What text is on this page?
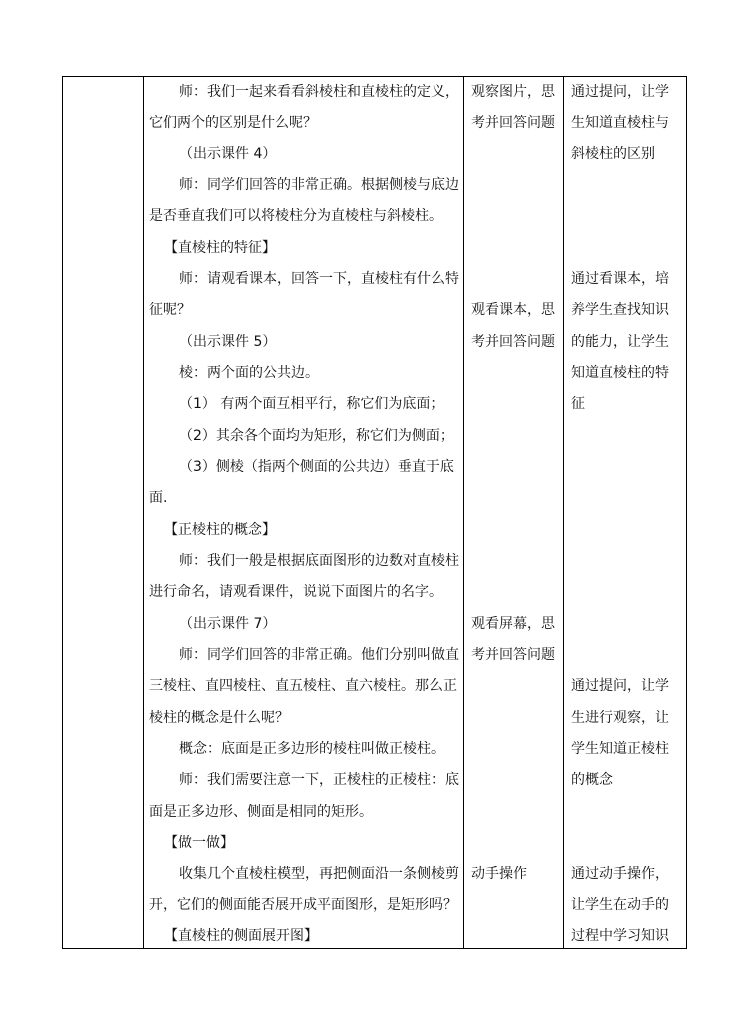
师：我们一起来看看斜棱柱和直棱柱的定义，
它们两个的区别是什么呢？
（出示课件 4）
师：同学们回答的非常正确。根据侧棱与底边
是否垂直我们可以将棱柱分为直棱柱与斜棱柱。
【直棱柱的特征】
师：请观看课本，回答一下，直棱柱有什么特
征呢？
（出示课件 5）
棱：两个面的公共边。
（1） 有两个面互相平行，称它们为底面；
（2）其余各个面均为矩形，称它们为侧面；
（3）侧棱（指两个侧面的公共边）垂直于底
面.
【正棱柱的概念】
师：我们一般是根据底面图形的边数对直棱柱
进行命名，请观看课件，说说下面图片的名字。
（出示课件 7）
师：同学们回答的非常正确。他们分别叫做直
三棱柱、直四棱柱、直五棱柱、直六棱柱。那么正
棱柱的概念是什么呢？
概念：底面是正多边形的棱柱叫做正棱柱。
师：我们需要注意一下，正棱柱的正棱柱：底
面是正多边形、侧面是相同的矩形。
【做一做】
收集几个直棱柱模型，再把侧面沿一条侧棱剪
开，它们的侧面能否展开成平面图形，是矩形吗？
【直棱柱的侧面展开图】
观察图片，思
考并回答问题
观看课本，思
考并回答问题
观看屏幕，思
考并回答问题
动手操作
通过提问，让学
生知道直棱柱与
斜棱柱的区别
通过看课本，培
养学生查找知识
的能力，让学生
知道直棱柱的特
征
通过提问，让学
生进行观察，让
学生知道正棱柱
的概念
通过动手操作，
让学生在动手的
过程中学习知识
